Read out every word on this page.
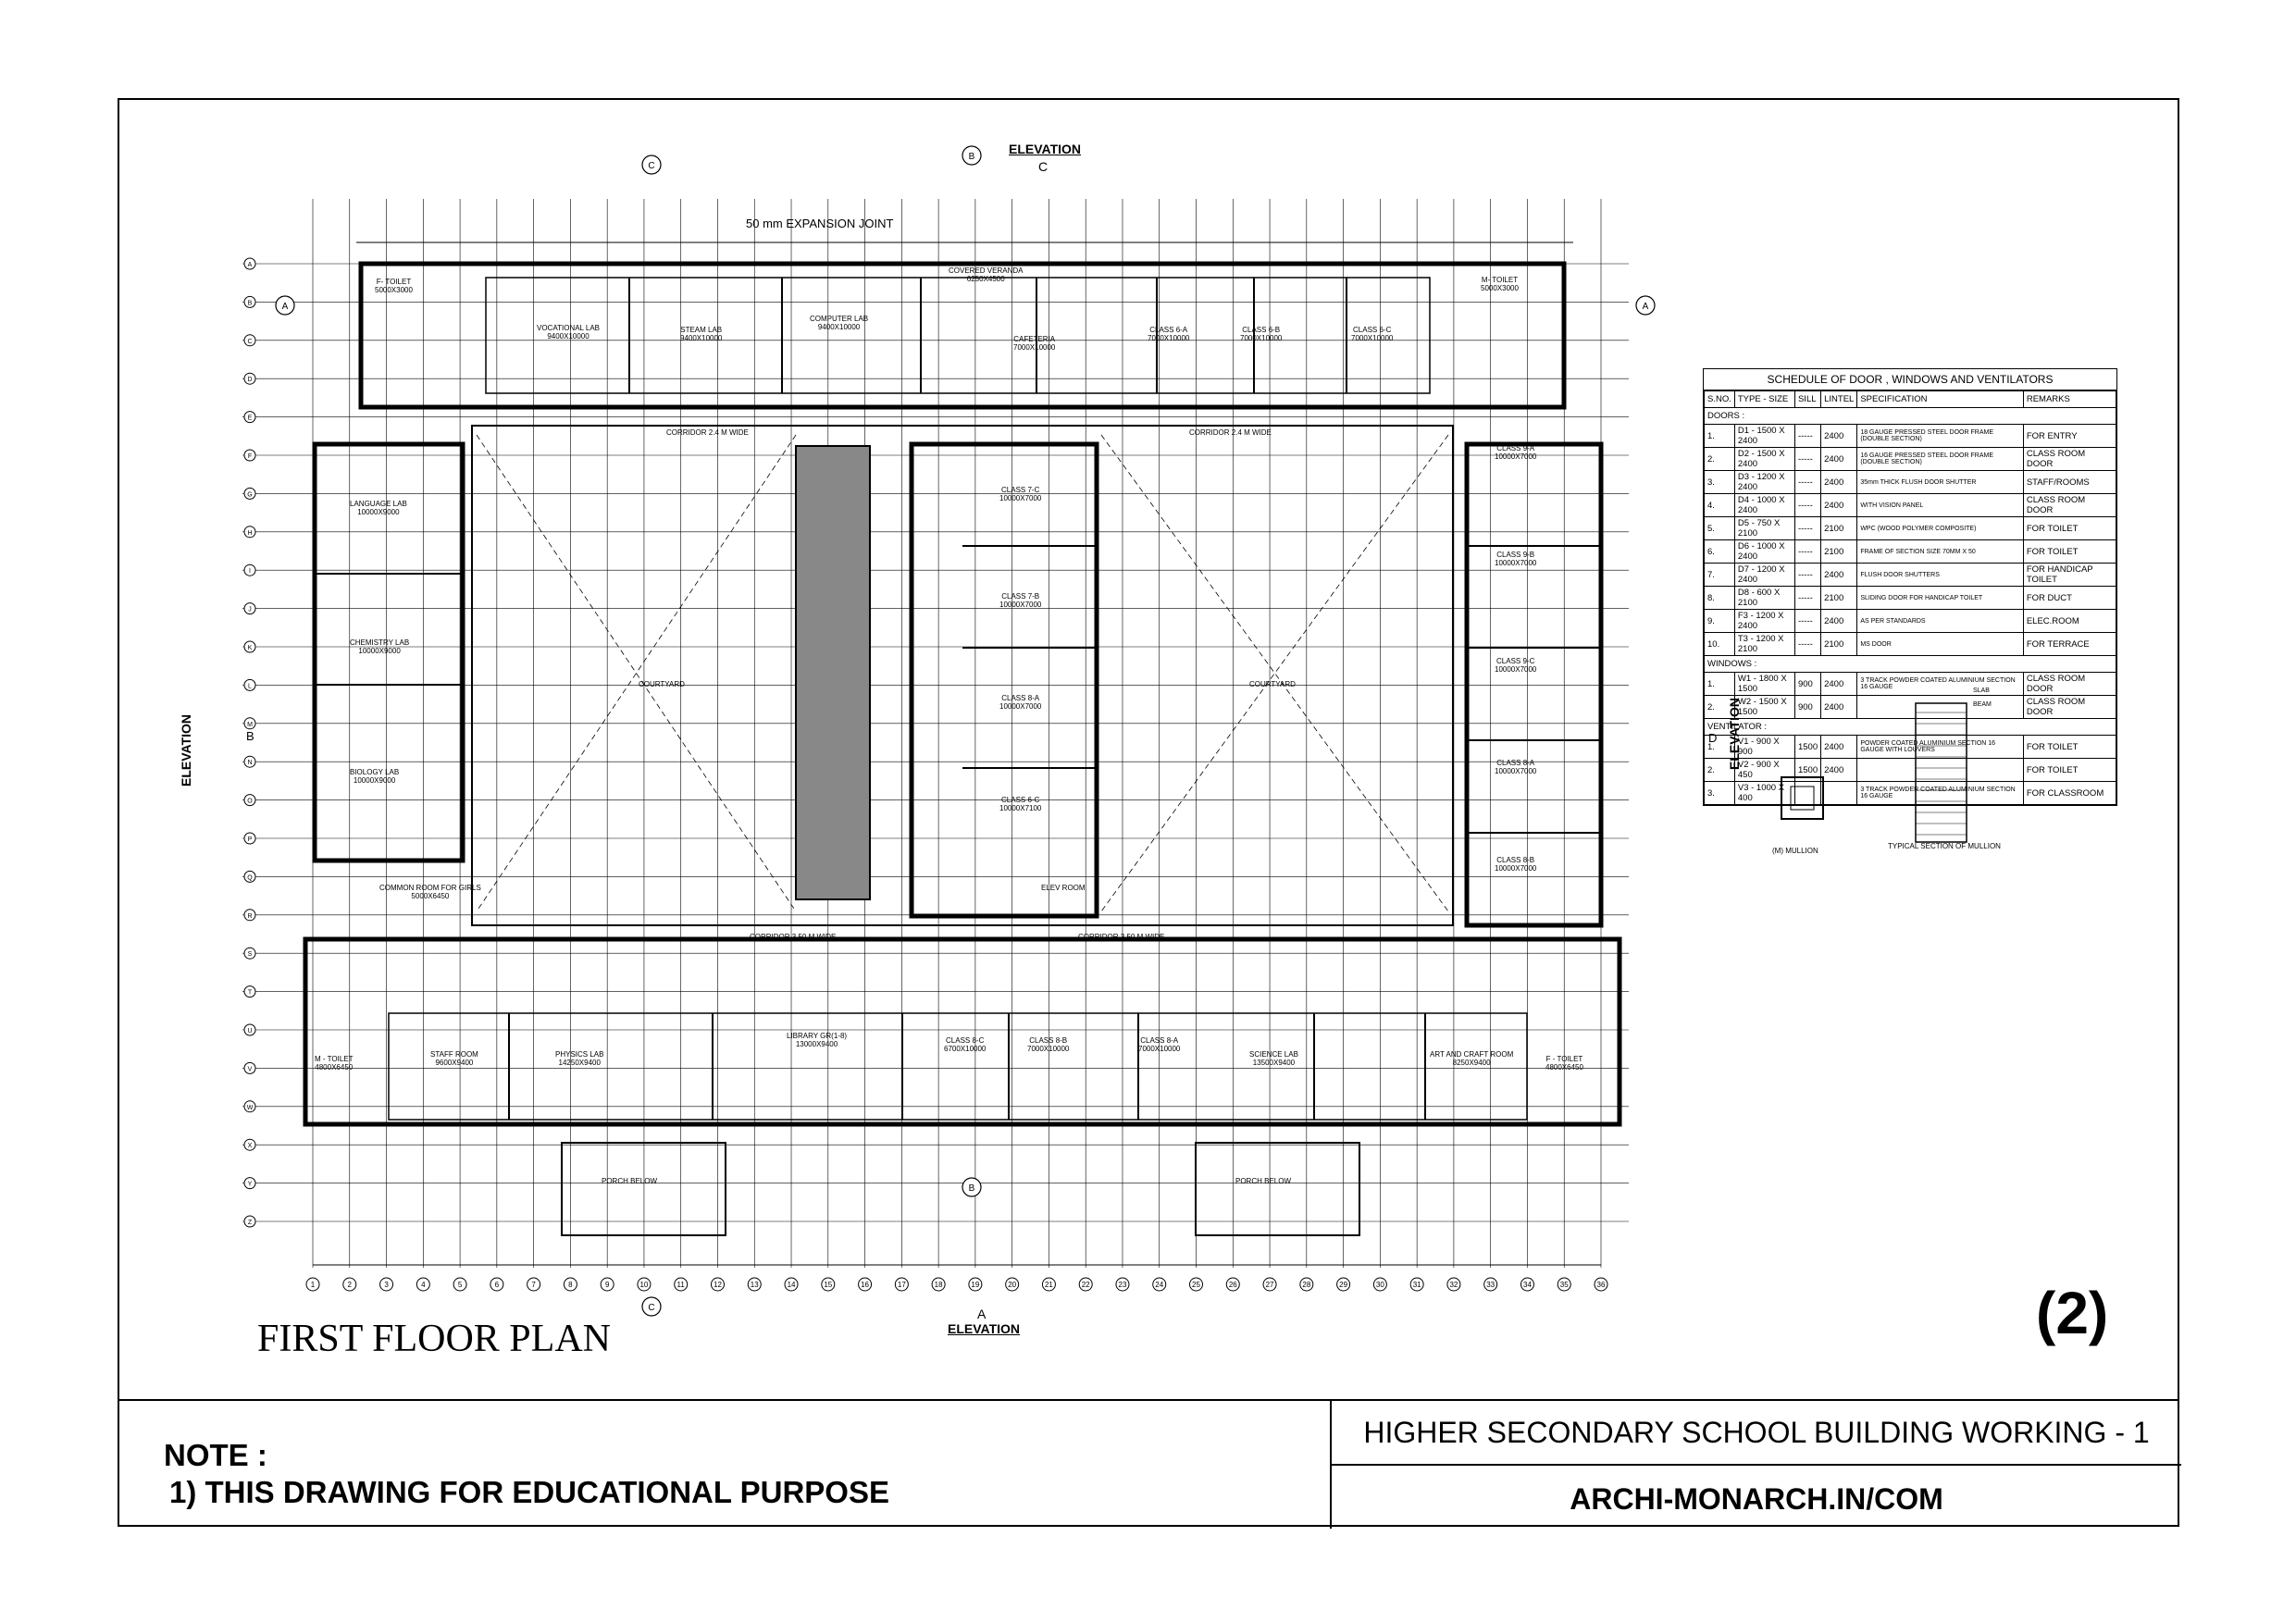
1	2	3	4	5	6	7	8	9	10	11	12	13	14	15	16	17	18	19	20	21	22	23	24	25	26	27	28	29	30	31	32	33	34	35	36
A
B
C
D
E
F
G
H
I
J
K
L
M
N
O
P
Q
R
S
T
U
V
W
X
Y
Z
C
B
C
B
A	A
ELEVATION
C
ELEVATION
A
ELEVATION	B	ELEVATION
D
50 mm EXPANSION JOINT
F- TOILET
5000X3000
VOCATIONAL LAB
9400X10000
STEAM LAB
9400X10000
COMPUTER LAB
9400X10000
COVERED VERANDA
6250X4500
CAFETERIA
7000X10000
CLASS 6-A
7000X10000
CLASS 6-B
7000X10000
CLASS 6-C
7000X10000
M- TOILET
5000X3000
LANGUAGE LAB
10000X9000
CHEMISTRY LAB
10000X9000
BIOLOGY LAB
10000X9000
COMMON ROOM FOR GIRLS
5000X6450
COURTYARD	COURTYARD
CLASS 7-C
10000X7000
CLASS 7-B
10000X7000
CLASS 8-A
10000X7000
CLASS 6-C
10000X7100
ELEV ROOM
CLASS 9-A
10000X7000
CLASS 9-B
10000X7000
CLASS 9-C
10000X7000
CLASS 8-A
10000X7000
CLASS 8-B
10000X7000
M - TOILET
4800X6450
STAFF ROOM
9600X9400
PHYSICS LAB
14250X9400
LIBRARY GR(1-8)
13000X9400	CLASS 8-C
6700X10000
CLASS 8-B
7000X10000
CLASS 8-A
7000X10000
SCIENCE LAB
13500X9400
ART AND CRAFT ROOM
8250X9400	F - TOILET
4800X6450
PORCH BELOW	PORCH BELOW
CORRIDOR 2.4 M WIDE	CORRIDOR 2.4 M WIDE
CORRIDOR 3.50 M WIDE	CORRIDOR 3.50 M WIDE
SCHEDULE OF DOOR , WINDOWS AND VENTILATORS
S.NO.	TYPE - SIZE	SILL	LINTEL	SPECIFICATION	REMARKS
DOORS :					
1.	D1 - 1500 X 2400	-----	2400	18 GAUGE PRESSED STEEL DOOR FRAME (DOUBLE SECTION)	FOR ENTRY
2.	D2 - 1500 X 2400	-----	2400	16 GAUGE PRESSED STEEL DOOR FRAME (DOUBLE SECTION)	CLASS ROOM DOOR
3.	D3 - 1200 X 2400	-----	2400	35mm THICK FLUSH DOOR SHUTTER	STAFF/ROOMS
4.	D4 - 1000 X 2400	-----	2400	WITH VISION PANEL	CLASS ROOM DOOR
5.	D5 - 750 X 2100	-----	2100	WPC (WOOD POLYMER COMPOSITE)	FOR TOILET
6.	D6 - 1000 X 2400	-----	2100	FRAME OF SECTION SIZE 70MM X 50	FOR TOILET
7.	D7 - 1200 X 2400	-----	2400	FLUSH DOOR SHUTTERS	FOR HANDICAP TOILET
8.	D8 - 600 X 2100	-----	2100	SLIDING DOOR FOR HANDICAP TOILET	FOR DUCT
9.	F3 - 1200 X 2400	-----	2400	AS PER STANDARDS	ELEC.ROOM
10.	T3 - 1200 X 2100	-----	2100	MS DOOR	FOR TERRACE
WINDOWS :					
1.	W1 - 1800 X 1500	900	2400	3 TRACK POWDER COATED ALUMINIUM SECTION 16 GAUGE	CLASS ROOM DOOR
2.	W2 - 1500 X 1500	900	2400		CLASS ROOM DOOR
VENTILATOR :					
1.	V1 - 900 X 900	1500	2400	POWDER COATED ALUMINIUM SECTION 16 GAUGE WITH LOUVERS	FOR TOILET
2.	V2 - 900 X 450	1500	2400		FOR TOILET
3.	V3 - 1000 X 400			3 TRACK POWDER COATED ALUMINIUM SECTION 16 GAUGE	FOR CLASSROOM
(M) MULLION
TYPICAL SECTION OF MULLION
SLAB
BEAM
FIRST FLOOR PLAN	(2)
NOTE :
1) THIS DRAWING FOR EDUCATIONAL PURPOSE
HIGHER SECONDARY SCHOOL BUILDING WORKING - 1
ARCHI-MONARCH.IN/COM
